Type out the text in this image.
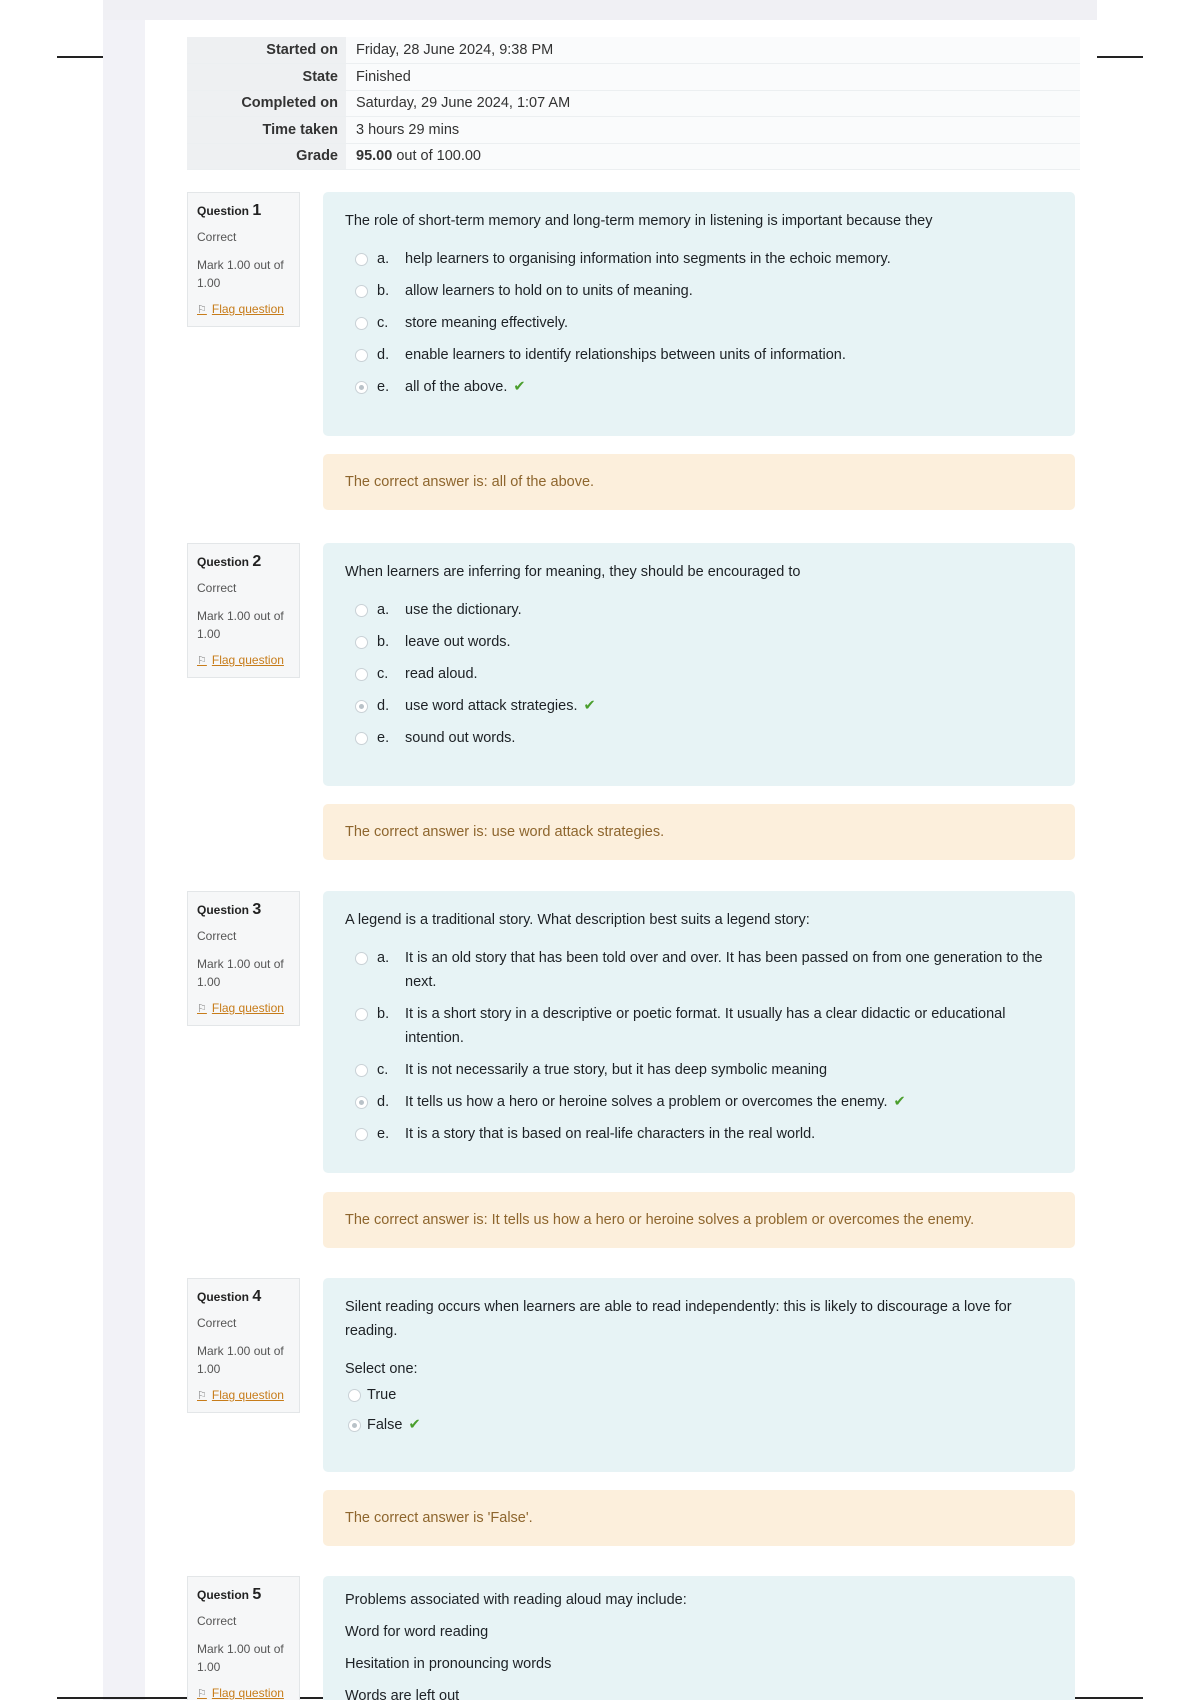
Started on	Friday, 28 June 2024, 9:38 PM
State	Finished
Completed on	Saturday, 29 June 2024, 1:07 AM
Time taken	3 hours 29 mins
Grade	95.00 out of 100.00
Question 1
Correct
Mark 1.00 out of 1.00
⚐ Flag question
The role of short-term memory and long-term memory in listening is important because they
a.	help learners to organising information into segments in the echoic memory.
b.	allow learners to hold on to units of meaning.
c.	store meaning effectively.
d.	enable learners to identify relationships between units of information.
e.	all of the above. ✔
The correct answer is: all of the above.
Question 2
Correct
Mark 1.00 out of 1.00
⚐ Flag question
When learners are inferring for meaning, they should be encouraged to
a.	use the dictionary.
b.	leave out words.
c.	read aloud.
d.	use word attack strategies. ✔
e.	sound out words.
The correct answer is: use word attack strategies.
Question 3
Correct
Mark 1.00 out of 1.00
⚐ Flag question
A legend is a traditional story. What description best suits a legend story:
a.	It is an old story that has been told over and over. It has been passed on from one generation to the next.
b.	It is a short story in a descriptive or poetic format. It usually has a clear didactic or educational intention.
c.	It is not necessarily a true story, but it has deep symbolic meaning
d.	It tells us how a hero or heroine solves a problem or overcomes the enemy. ✔
e.	It is a story that is based on real-life characters in the real world.
The correct answer is: It tells us how a hero or heroine solves a problem or overcomes the enemy.
Question 4
Correct
Mark 1.00 out of 1.00
⚐ Flag question
Silent reading occurs when learners are able to read independently: this is likely to discourage a love for reading.
Select one:
True
False ✔
The correct answer is 'False'.
Question 5
Correct
Mark 1.00 out of 1.00
⚐ Flag question
Problems associated with reading aloud may include:
Word for word reading
Hesitation in pronouncing words
Words are left out
